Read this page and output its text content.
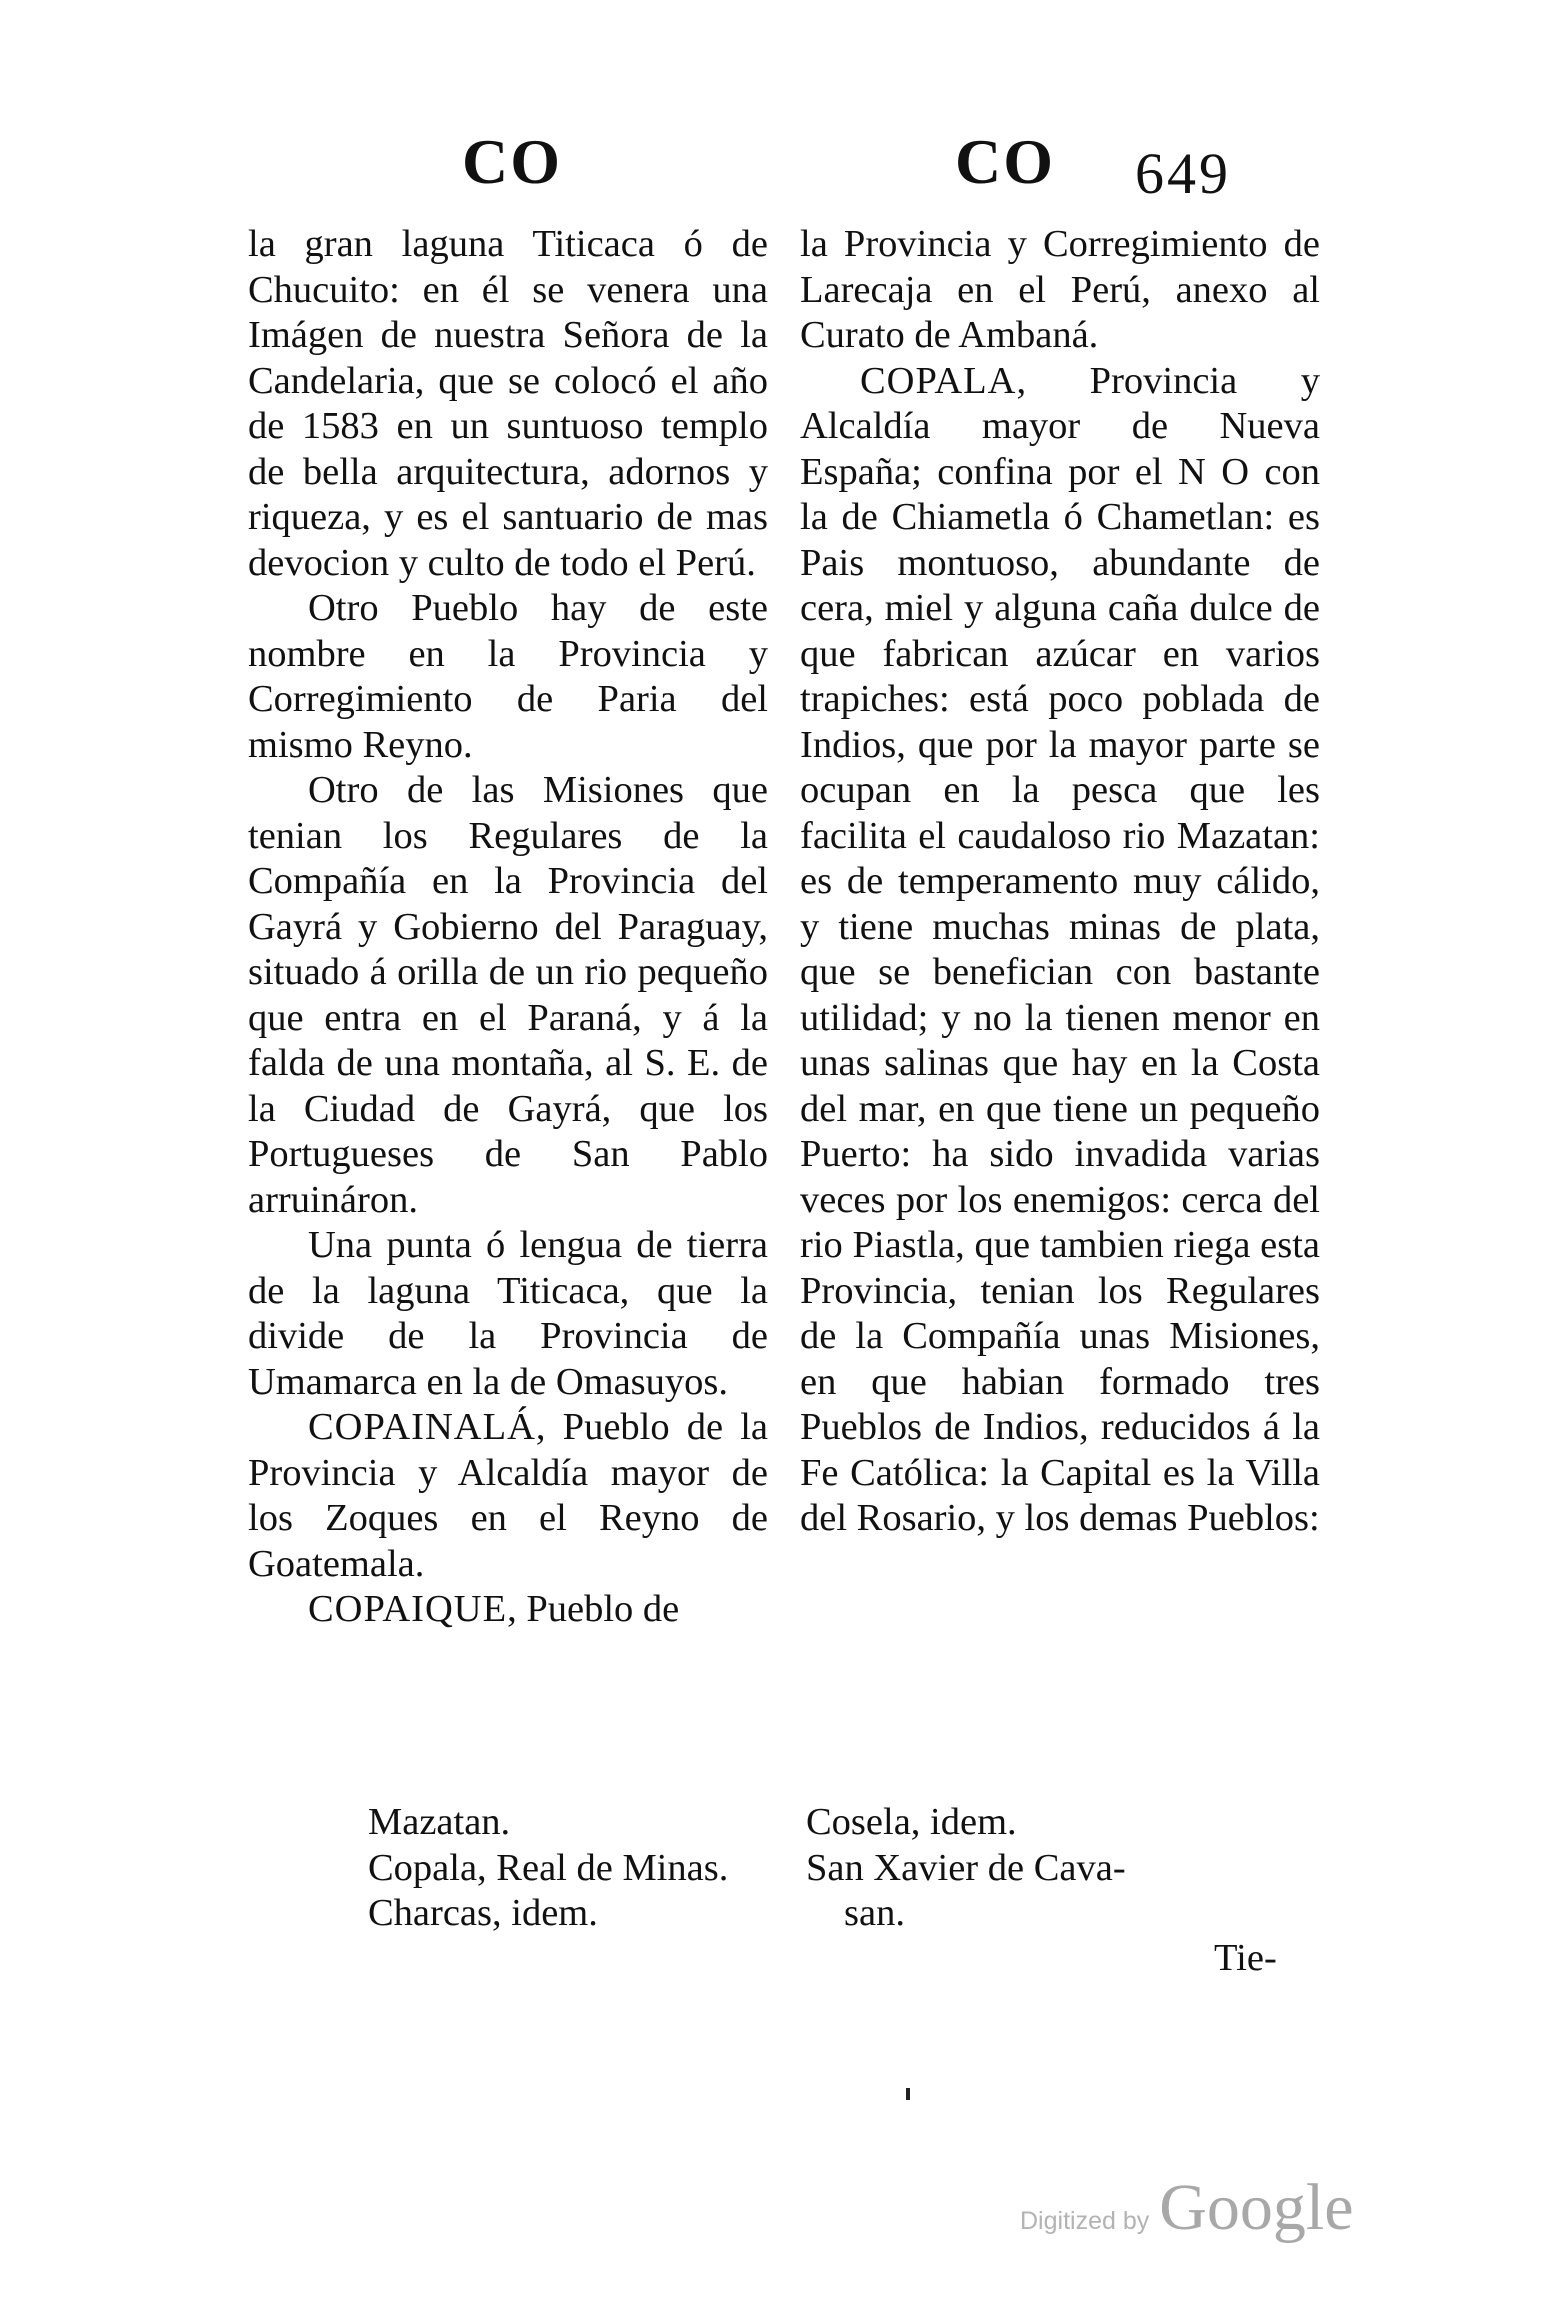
CO	CO 649

la gran laguna Titicaca ó de Chucuito: en él se venera una Imágen de nuestra Señora de la Candelaria, que se colocó el año de 1583 en un suntuoso templo de bella arquitectura, adornos y riqueza, y es el santuario de mas devocion y culto de todo el Perú.

Otro Pueblo hay de este nombre en la Provincia y Corregimiento de Paria del mismo Reyno.

Otro de las Misiones que tenian los Regulares de la Compañía en la Provincia del Gayrá y Gobierno del Paraguay, situado á orilla de un rio pequeño que entra en el Paraná, y á la falda de una montaña, al S. E. de la Ciudad de Gayrá, que los Portugueses de San Pablo arruináron.

Una punta ó lengua de tierra de la laguna Titicaca, que la divide de la Provincia de Umamarca en la de Omasuyos.

COPAINALÁ, Pueblo de la Provincia y Alcaldía mayor de los Zoques en el Reyno de Goatemala.

COPAIQUE, Pueblo de

la Provincia y Corregimiento de Larecaja en el Perú, anexo al Curato de Ambaná.

COPALA, Provincia y Alcaldía mayor de Nueva España; confina por el N O con la de Chiametla ó Chametlan: es Pais montuoso, abundante de cera, miel y alguna caña dulce de que fabrican azúcar en varios trapiches: está poco poblada de Indios, que por la mayor parte se ocupan en la pesca que les facilita el caudaloso rio Mazatan: es de temperamento muy cálido, y tiene muchas minas de plata, que se benefician con bastante utilidad; y no la tienen menor en unas salinas que hay en la Costa del mar, en que tiene un pequeño Puerto: ha sido invadida varias veces por los enemigos: cerca del rio Piastla, que tambien riega esta Provincia, tenian los Regulares de la Compañía unas Misiones, en que habian formado tres Pueblos de Indios, reducidos á la Fe Católica: la Capital es la Villa del Rosario, y los demas Pueblos:

Mazatan.
Copala, Real de Minas.
Charcas, idem.
Cosela, idem.
San Xavier de Cava-
san.
Tie-
Digitized by Google
